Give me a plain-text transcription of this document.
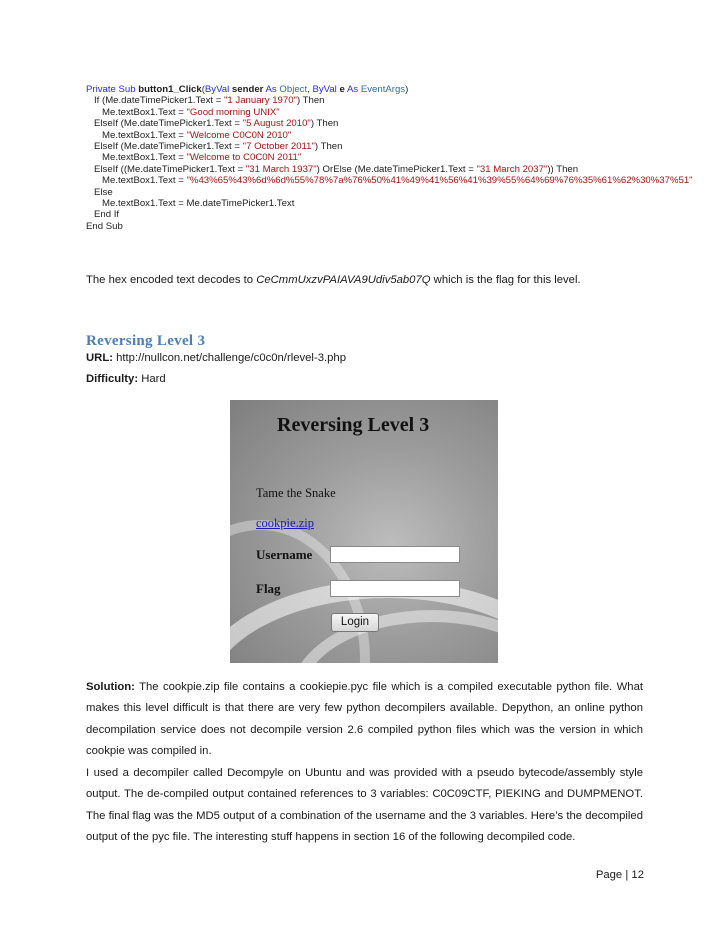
Private Sub button1_Click(ByVal sender As Object, ByVal e As EventArgs)
If (Me.dateTimePicker1.Text = "1 January 1970") Then
Me.textBox1.Text = "Good morning UNIX"
ElseIf (Me.dateTimePicker1.Text = "5 August 2010") Then
Me.textBox1.Text = "Welcome C0C0N 2010"
ElseIf (Me.dateTimePicker1.Text = "7 October 2011") Then
Me.textBox1.Text = "Welcome to C0C0N 2011"
ElseIf ((Me.dateTimePicker1.Text = "31 March 1937") OrElse (Me.dateTimePicker1.Text = "31 March 2037")) Then
Me.textBox1.Text = "%43%65%43%6d%6d%55%78%7a%76%50%41%49%41%56%41%39%55%64%69%76%35%61%62%30%37%51"
Else
Me.textBox1.Text = Me.dateTimePicker1.Text
End If
End Sub
The hex encoded text decodes to CeCmmUxzvPAIAVA9Udiv5ab07Q which is the flag for this level.
Reversing Level 3
URL: http://nullcon.net/challenge/c0c0n/rlevel-3.php
Difficulty: Hard
Reversing Level 3
Tame the Snake
cookpie.zip
Username
Flag
Login
Solution: The cookpie.zip file contains a cookiepie.pyc file which is a compiled executable python file. What makes this level difficult is that there are very few python decompilers available. Depython, an online python decompilation service does not decompile version 2.6 compiled python files which was the version in which cookpie was compiled in.
I used a decompiler called Decompyle on Ubuntu and was provided with a pseudo bytecode/assembly style output. The de-compiled output contained references to 3 variables: C0C09CTF, PIEKING and DUMPMENOT. The final flag was the MD5 output of a combination of the username and the 3 variables. Here’s the decompiled output of the pyc file. The interesting stuff happens in section 16 of the following decompiled code.
Page | 12
